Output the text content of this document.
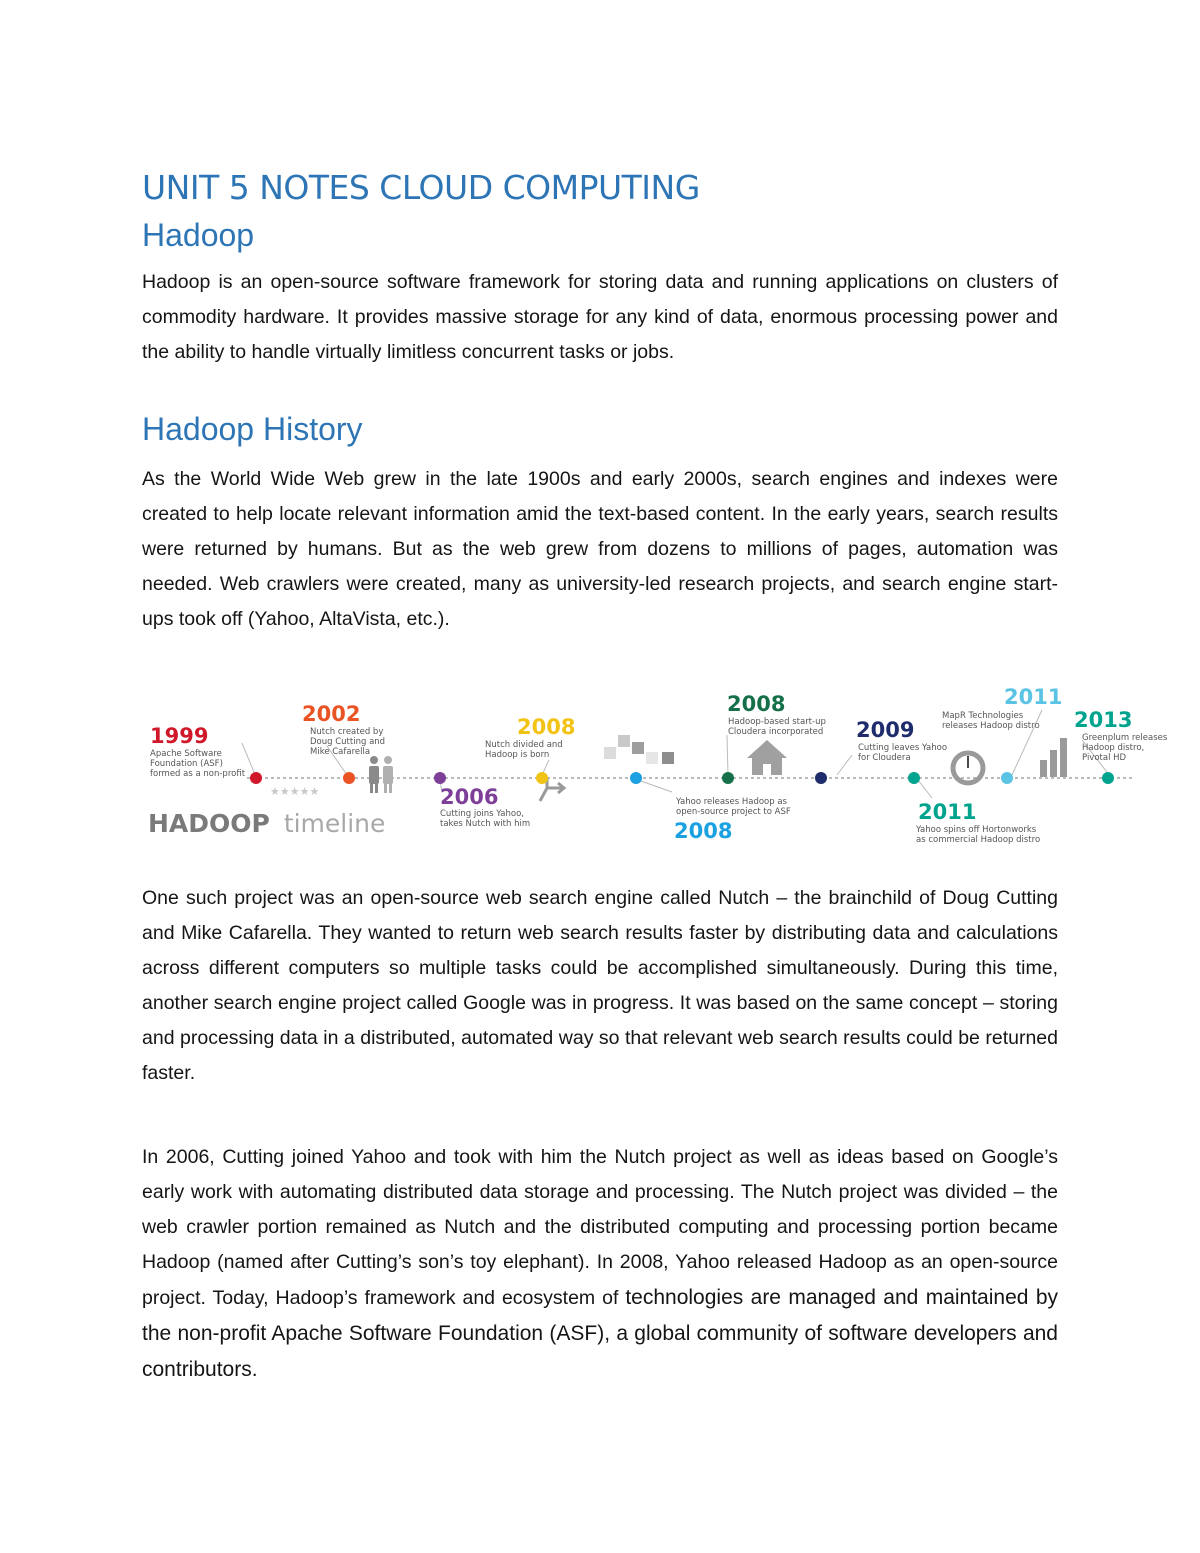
UNIT 5 NOTES CLOUD COMPUTING
Hadoop

Hadoop is an open-source software framework for storing data and running applications on clusters of commodity hardware. It provides massive storage for any kind of data, enormous processing power and the ability to handle virtually limitless concurrent tasks or jobs.

Hadoop History

As the World Wide Web grew in the late 1900s and early 2000s, search engines and indexes were created to help locate relevant information amid the text-based content. In the early years, search results were returned by humans. But as the web grew from dozens to millions of pages, automation was needed. Web crawlers were created, many as university-led research projects, and search engine start-ups took off (Yahoo, AltaVista, etc.).

★★★★★
1999
2002
2006
2008
2008
2008
2009
2011
2011
2013
Apache Software
Foundation (ASF)
formed as a non-profit
Nutch created by
Doug Cutting and
Mike Cafarella
Cutting joins Yahoo,
takes Nutch with him
Nutch divided and
Hadoop is born
Yahoo releases Hadoop as
open-source project to ASF
Hadoop-based start-up
Cloudera incorporated
Cutting leaves Yahoo
for Cloudera
Yahoo spins off Hortonworks
as commercial Hadoop distro
MapR Technologies
releases Hadoop distro
Greenplum releases
Hadoop distro,
Pivotal HD
HADOOP timeline

One such project was an open-source web search engine called Nutch – the brainchild of Doug Cutting and Mike Cafarella. They wanted to return web search results faster by distributing data and calculations across different computers so multiple tasks could be accomplished simultaneously. During this time, another search engine project called Google was in progress. It was based on the same concept – storing and processing data in a distributed, automated way so that relevant web search results could be returned faster.

In 2006, Cutting joined Yahoo and took with him the Nutch project as well as ideas based on Google’s early work with automating distributed data storage and processing. The Nutch project was divided – the web crawler portion remained as Nutch and the distributed computing and processing portion became Hadoop (named after Cutting’s son’s toy elephant). In 2008, Yahoo released Hadoop as an open-source project. Today, Hadoop’s framework and ecosystem of technologies are managed and maintained by the non-profit Apache Software Foundation (ASF), a global community of software developers and contributors.
